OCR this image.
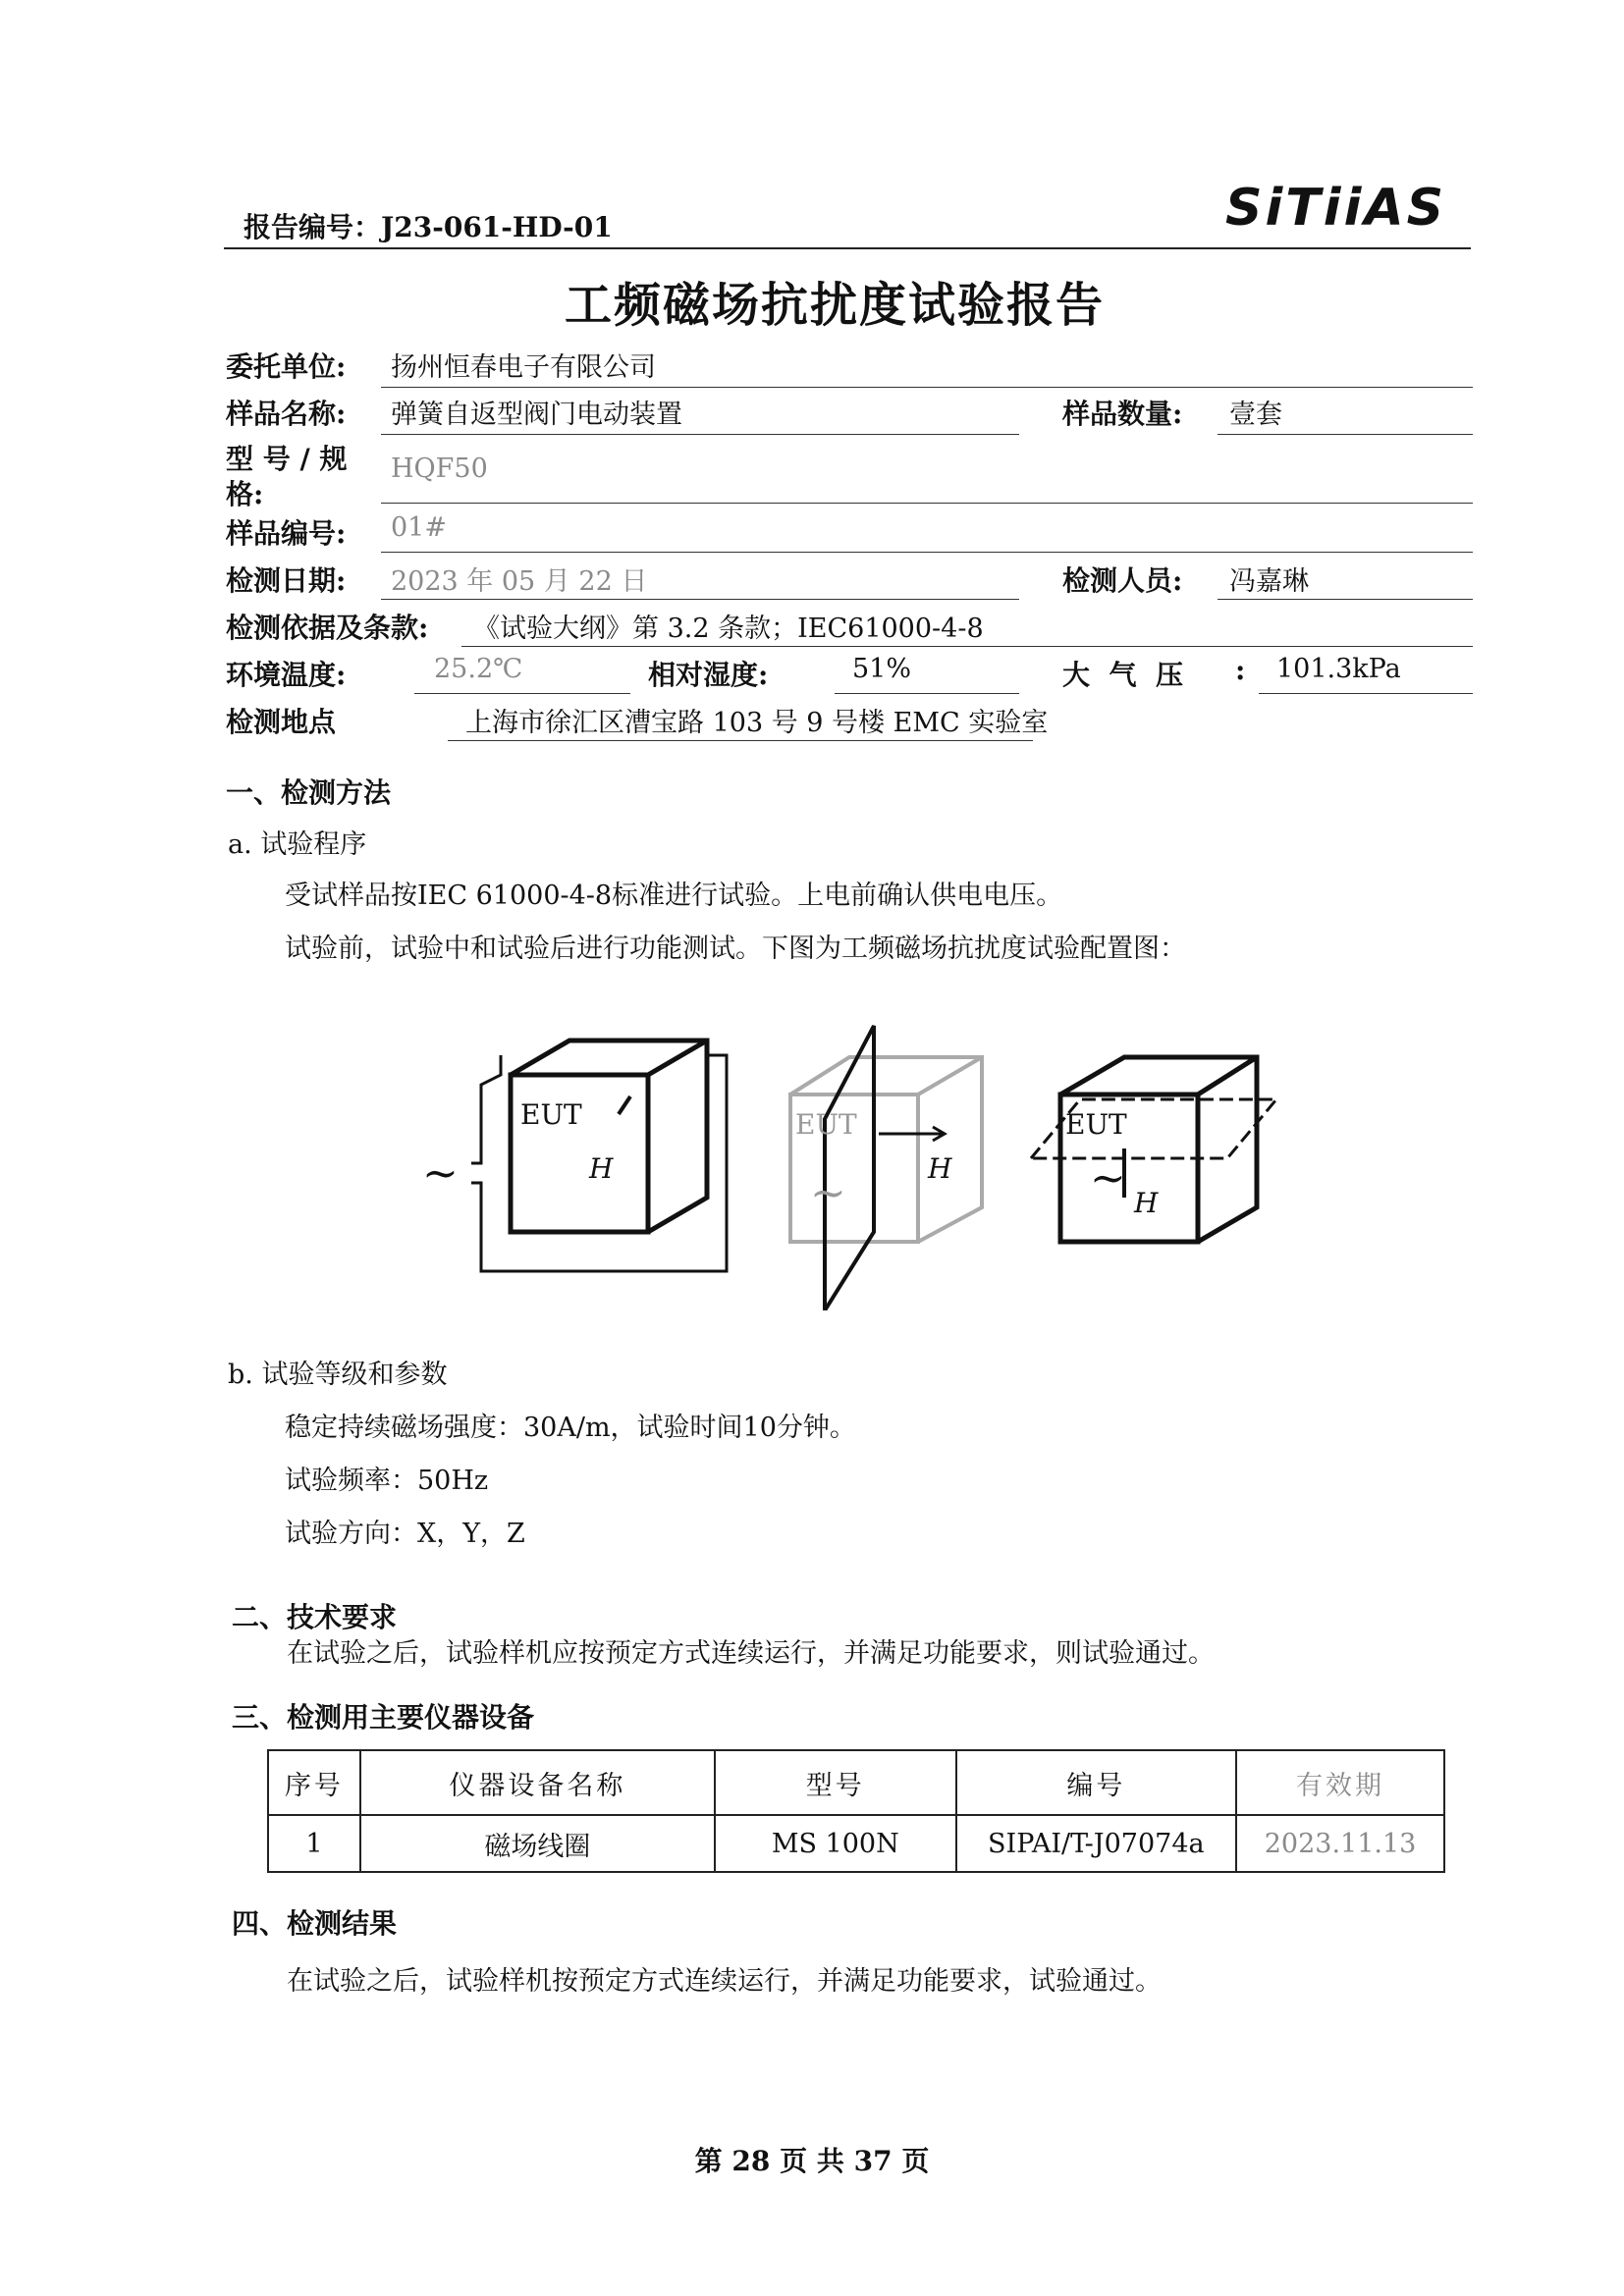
报告编号：J23-061-HD-01	SiTiiAS
工频磁场抗扰度试验报告
委托单位: 扬州恒春电子有限公司
样品名称: 弹簧自返型阀门电动装置	样品数量: 壹套
型 号 / 规
格:
HQF50
样品编号: 01#
检测日期: 2023 年 05 月 22 日	检测人员: 冯嘉琳
检测依据及条款: 《试验大纲》第 3.2 条款；IEC61000-4-8
环境温度:	25.2℃	相对湿度:	51%	大  气  压 : 101.3kPa
检测地点	上海市徐汇区漕宝路 103 号 9 号楼 EMC 实验室
一、检测方法
a. 试验程序
受试样品按IEC 61000-4-8标准进行试验。上电前确认供电电压。
试验前，试验中和试验后进行功能测试。下图为工频磁场抗扰度试验配置图：
EUT
H
~
EUT
H
~
EUT
H
~
b. 试验等级和参数
稳定持续磁场强度：30A/m，试验时间10分钟。
试验频率：50Hz
试验方向：X，Y，Z
二、技术要求
在试验之后，试验样机应按预定方式连续运行，并满足功能要求，则试验通过。
三、检测用主要仪器设备
序号	仪器设备名称	型号	编号	有效期
1	磁场线圈	MS 100N	SIPAI/T-J07074a	2023.11.13
四、检测结果
在试验之后，试验样机按预定方式连续运行，并满足功能要求，试验通过。
第 28 页 共 37 页
